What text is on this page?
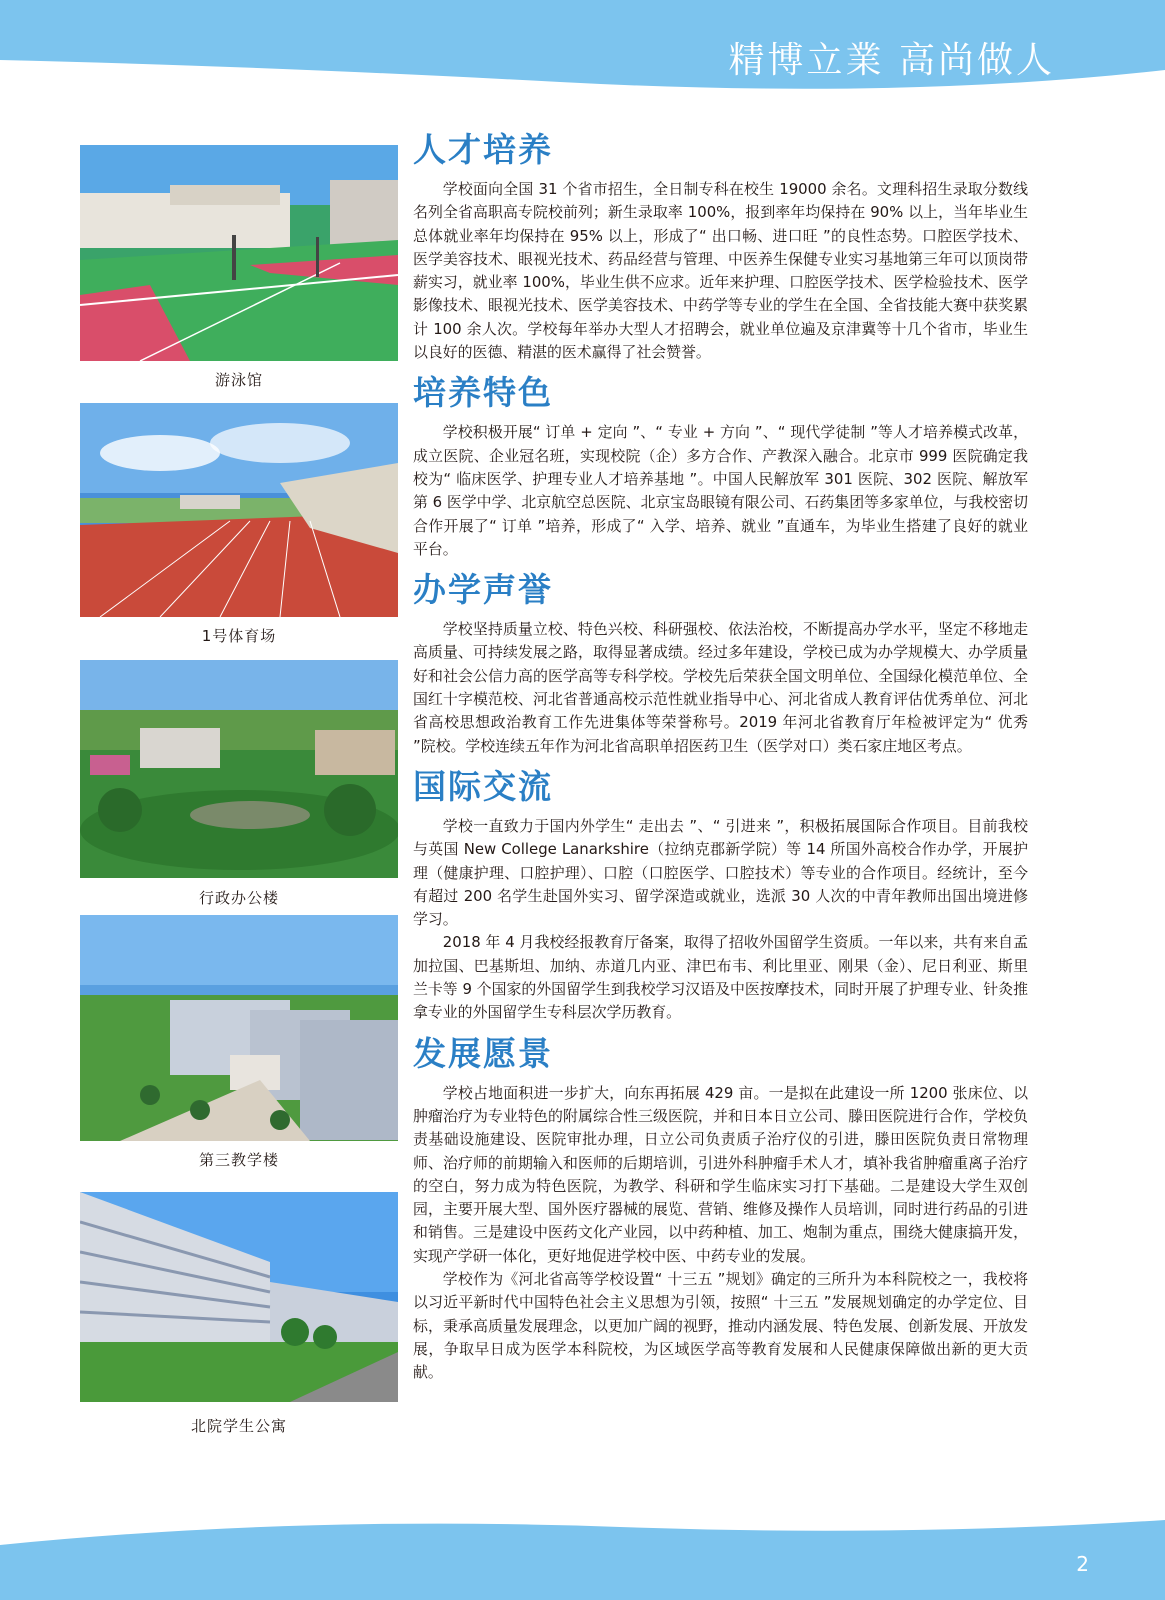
精博立業 高尚做人
游泳馆
1号体育场
行政办公楼
第三教学楼
北院学生公寓
人才培养

学校面向全国 31 个省市招生，全日制专科在校生 19000 余名。文理科招生录取分数线名列全省高职高专院校前列；新生录取率 100%，报到率年均保持在 90% 以上，当年毕业生总体就业率年均保持在 95% 以上，形成了“ 出口畅、进口旺 ”的良性态势。口腔医学技术、医学美容技术、眼视光技术、药品经营与管理、中医养生保健专业实习基地第三年可以顶岗带薪实习，就业率 100%，毕业生供不应求。近年来护理、口腔医学技术、医学检验技术、医学影像技术、眼视光技术、医学美容技术、中药学等专业的学生在全国、全省技能大赛中获奖累计 100 余人次。学校每年举办大型人才招聘会，就业单位遍及京津冀等十几个省市，毕业生以良好的医德、精湛的医术赢得了社会赞誉。

培养特色

学校积极开展“ 订单 + 定向 ”、“ 专业 + 方向 ”、“ 现代学徒制 ”等人才培养模式改革，成立医院、企业冠名班，实现校院（企）多方合作、产教深入融合。北京市 999 医院确定我校为“ 临床医学、护理专业人才培养基地 ”。中国人民解放军 301 医院、302 医院、解放军第 6 医学中学、北京航空总医院、北京宝岛眼镜有限公司、石药集团等多家单位，与我校密切合作开展了“ 订单 ”培养，形成了“ 入学、培养、就业 ”直通车，为毕业生搭建了良好的就业平台。

办学声誉

学校坚持质量立校、特色兴校、科研强校、依法治校，不断提高办学水平，坚定不移地走高质量、可持续发展之路，取得显著成绩。经过多年建设，学校已成为办学规模大、办学质量好和社会公信力高的医学高等专科学校。学校先后荣获全国文明单位、全国绿化模范单位、全国红十字模范校、河北省普通高校示范性就业指导中心、河北省成人教育评估优秀单位、河北省高校思想政治教育工作先进集体等荣誉称号。2019 年河北省教育厅年检被评定为“ 优秀 ”院校。学校连续五年作为河北省高职单招医药卫生（医学对口）类石家庄地区考点。

国际交流

学校一直致力于国内外学生“ 走出去 ”、“ 引进来 ”，积极拓展国际合作项目。目前我校与英国 New College Lanarkshire（拉纳克郡新学院）等 14 所国外高校合作办学，开展护理（健康护理、口腔护理）、口腔（口腔医学、口腔技术）等专业的合作项目。经统计，至今有超过 200 名学生赴国外实习、留学深造或就业，选派 30 人次的中青年教师出国出境进修学习。

2018 年 4 月我校经报教育厅备案，取得了招收外国留学生资质。一年以来，共有来自孟加拉国、巴基斯坦、加纳、赤道几内亚、津巴布韦、利比里亚、刚果（金）、尼日利亚、斯里兰卡等 9 个国家的外国留学生到我校学习汉语及中医按摩技术，同时开展了护理专业、针灸推拿专业的外国留学生专科层次学历教育。

发展愿景

学校占地面积进一步扩大，向东再拓展 429 亩。一是拟在此建设一所 1200 张床位、以肿瘤治疗为专业特色的附属综合性三级医院，并和日本日立公司、滕田医院进行合作，学校负责基础设施建设、医院审批办理，日立公司负责质子治疗仪的引进，滕田医院负责日常物理师、治疗师的前期输入和医师的后期培训，引进外科肿瘤手术人才，填补我省肿瘤重离子治疗的空白，努力成为特色医院，为教学、科研和学生临床实习打下基础。二是建设大学生双创园，主要开展大型、国外医疗器械的展览、营销、维修及操作人员培训，同时进行药品的引进和销售。三是建设中医药文化产业园，以中药种植、加工、炮制为重点，围绕大健康搞开发，实现产学研一体化，更好地促进学校中医、中药专业的发展。

学校作为《河北省高等学校设置“ 十三五 ”规划》确定的三所升为本科院校之一，我校将以习近平新时代中国特色社会主义思想为引领，按照“ 十三五 ”发展规划确定的办学定位、目标，秉承高质量发展理念，以更加广阔的视野，推动内涵发展、特色发展、创新发展、开放发展，争取早日成为医学本科院校，为区域医学高等教育发展和人民健康保障做出新的更大贡献。

2
